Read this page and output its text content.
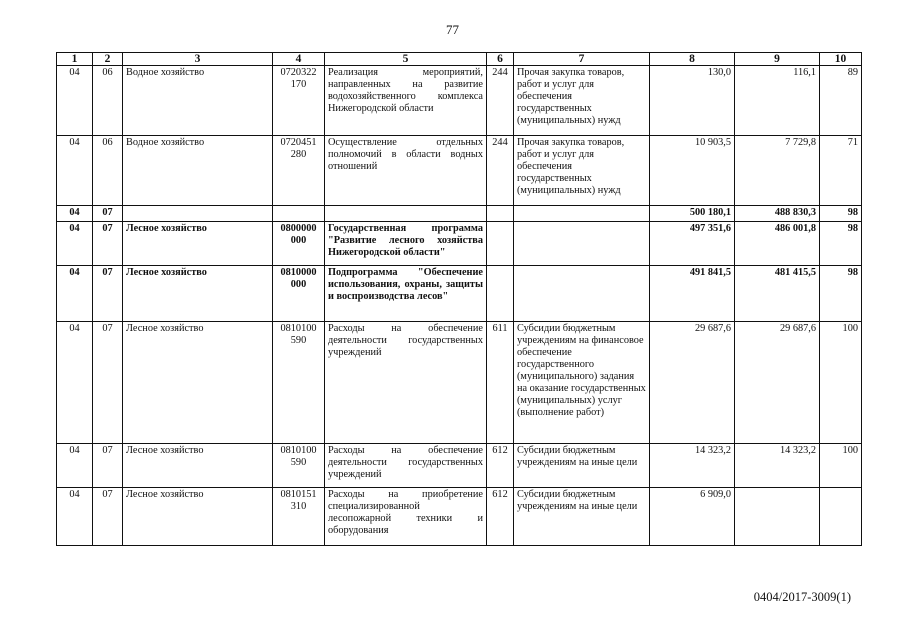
77
1	2	3	4	5	6	7	8	9	10
04	06	Водное хозяйство	0720322 170	Реализация мероприятий, направленных на развитие водохозяйственного комплекса Нижегородской области	244	Прочая закупка товаров, работ и услуг для обеспечения государственных (муниципальных) нужд	130,0	116,1	89
04	06	Водное хозяйство	0720451 280	Осуществление отдельных полномочий в области водных отношений	244	Прочая закупка товаров, работ и услуг для обеспечения государственных (муниципальных) нужд	10 903,5	7 729,8	71
04	07						500 180,1	488 830,3	98
04	07	Лесное хозяйство	0800000 000	Государственная программа "Развитие лесного хозяйства Нижегородской области"			497 351,6	486 001,8	98
04	07	Лесное хозяйство	0810000 000	Подпрограмма "Обеспечение использования, охраны, защиты и воспроизводства лесов"			491 841,5	481 415,5	98
04	07	Лесное хозяйство	0810100 590	Расходы на обеспечение деятельности государственных учреждений	611	Субсидии бюджетным учреждениям на финансовое обеспечение государственного (муниципального) задания на оказание государственных (муниципальных) услуг (выполнение работ)	29 687,6	29 687,6	100
04	07	Лесное хозяйство	0810100 590	Расходы на обеспечение деятельности государственных учреждений	612	Субсидии бюджетным учреждениям на иные цели	14 323,2	14 323,2	100
04	07	Лесное хозяйство	0810151 310	Расходы на приобретение специализированной лесопожарной техники и оборудования	612	Субсидии бюджетным учреждениям на иные цели	6 909,0		
0404/2017-3009(1)
